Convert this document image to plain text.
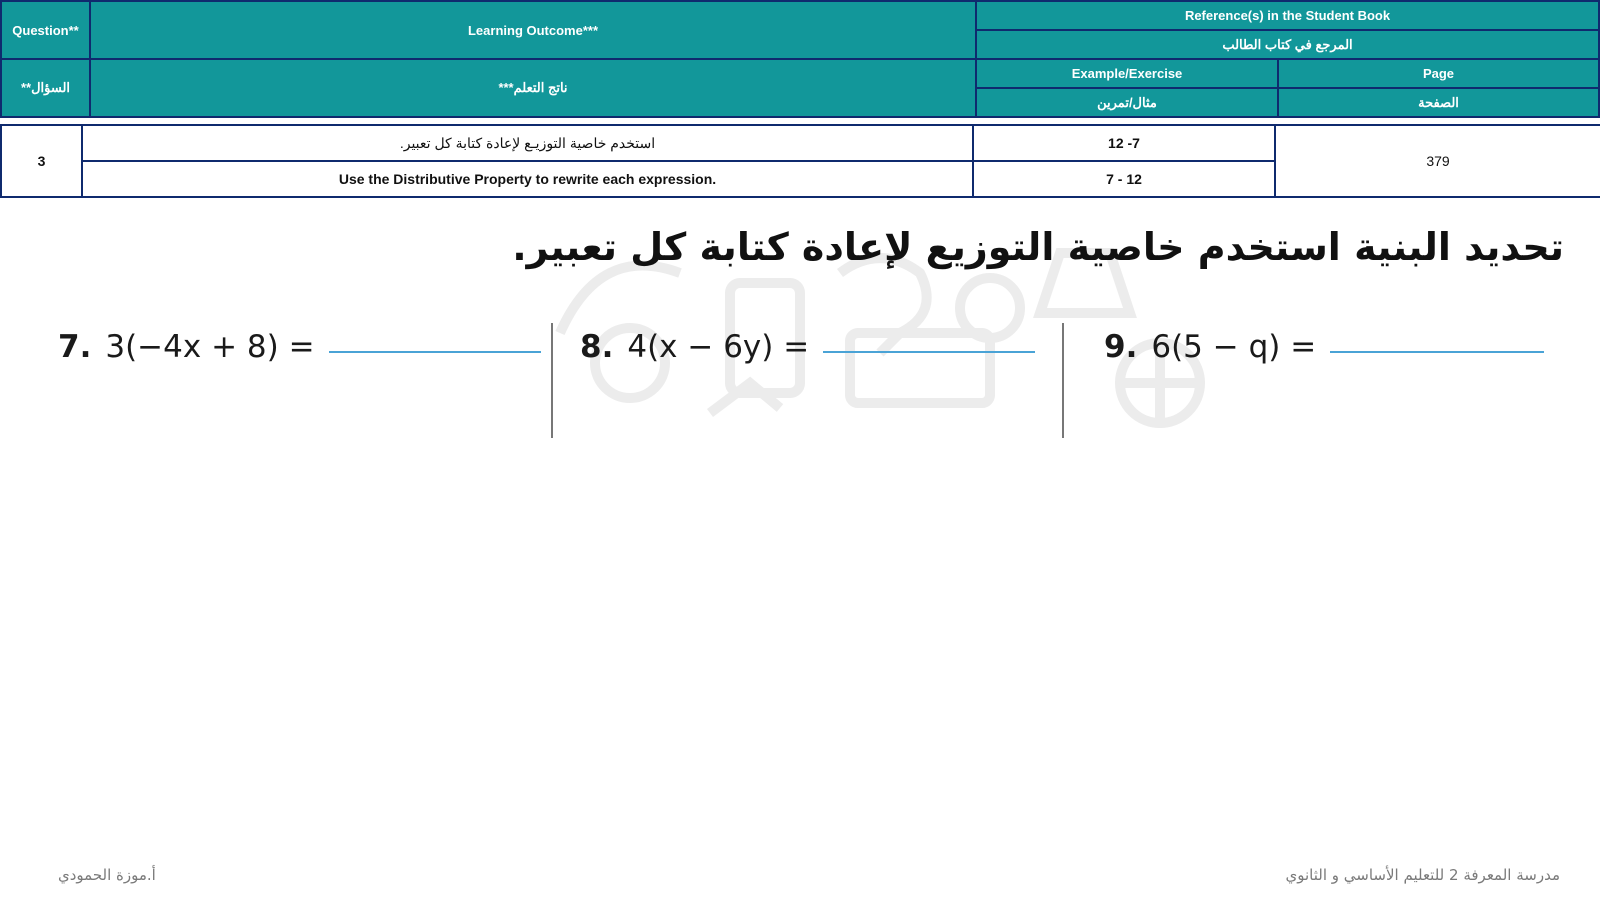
Question**	Learning Outcome***	Reference(s) in the Student Book	
		المرجع في كتاب الطالب	
السؤال**	ناتج التعلم***	Example/Exercise	Page
		مثال/تمرين	الصفحة
3	استخدم خاصية التوزيـع لإعادة كتابة كل تعبير.	12 -7	379
	Use the Distributive Property to rewrite each expression.	7 - 12	
تحديد البنية استخدم خاصية التوزيع لإعادة كتابة كل تعبير.
7. 3(−4x + 8) =	8. 4(x − 6y) =	9. 6(5 − q) =
أ.موزة الحمودي	مدرسة المعرفة 2 للتعليم الأساسي و الثانوي
